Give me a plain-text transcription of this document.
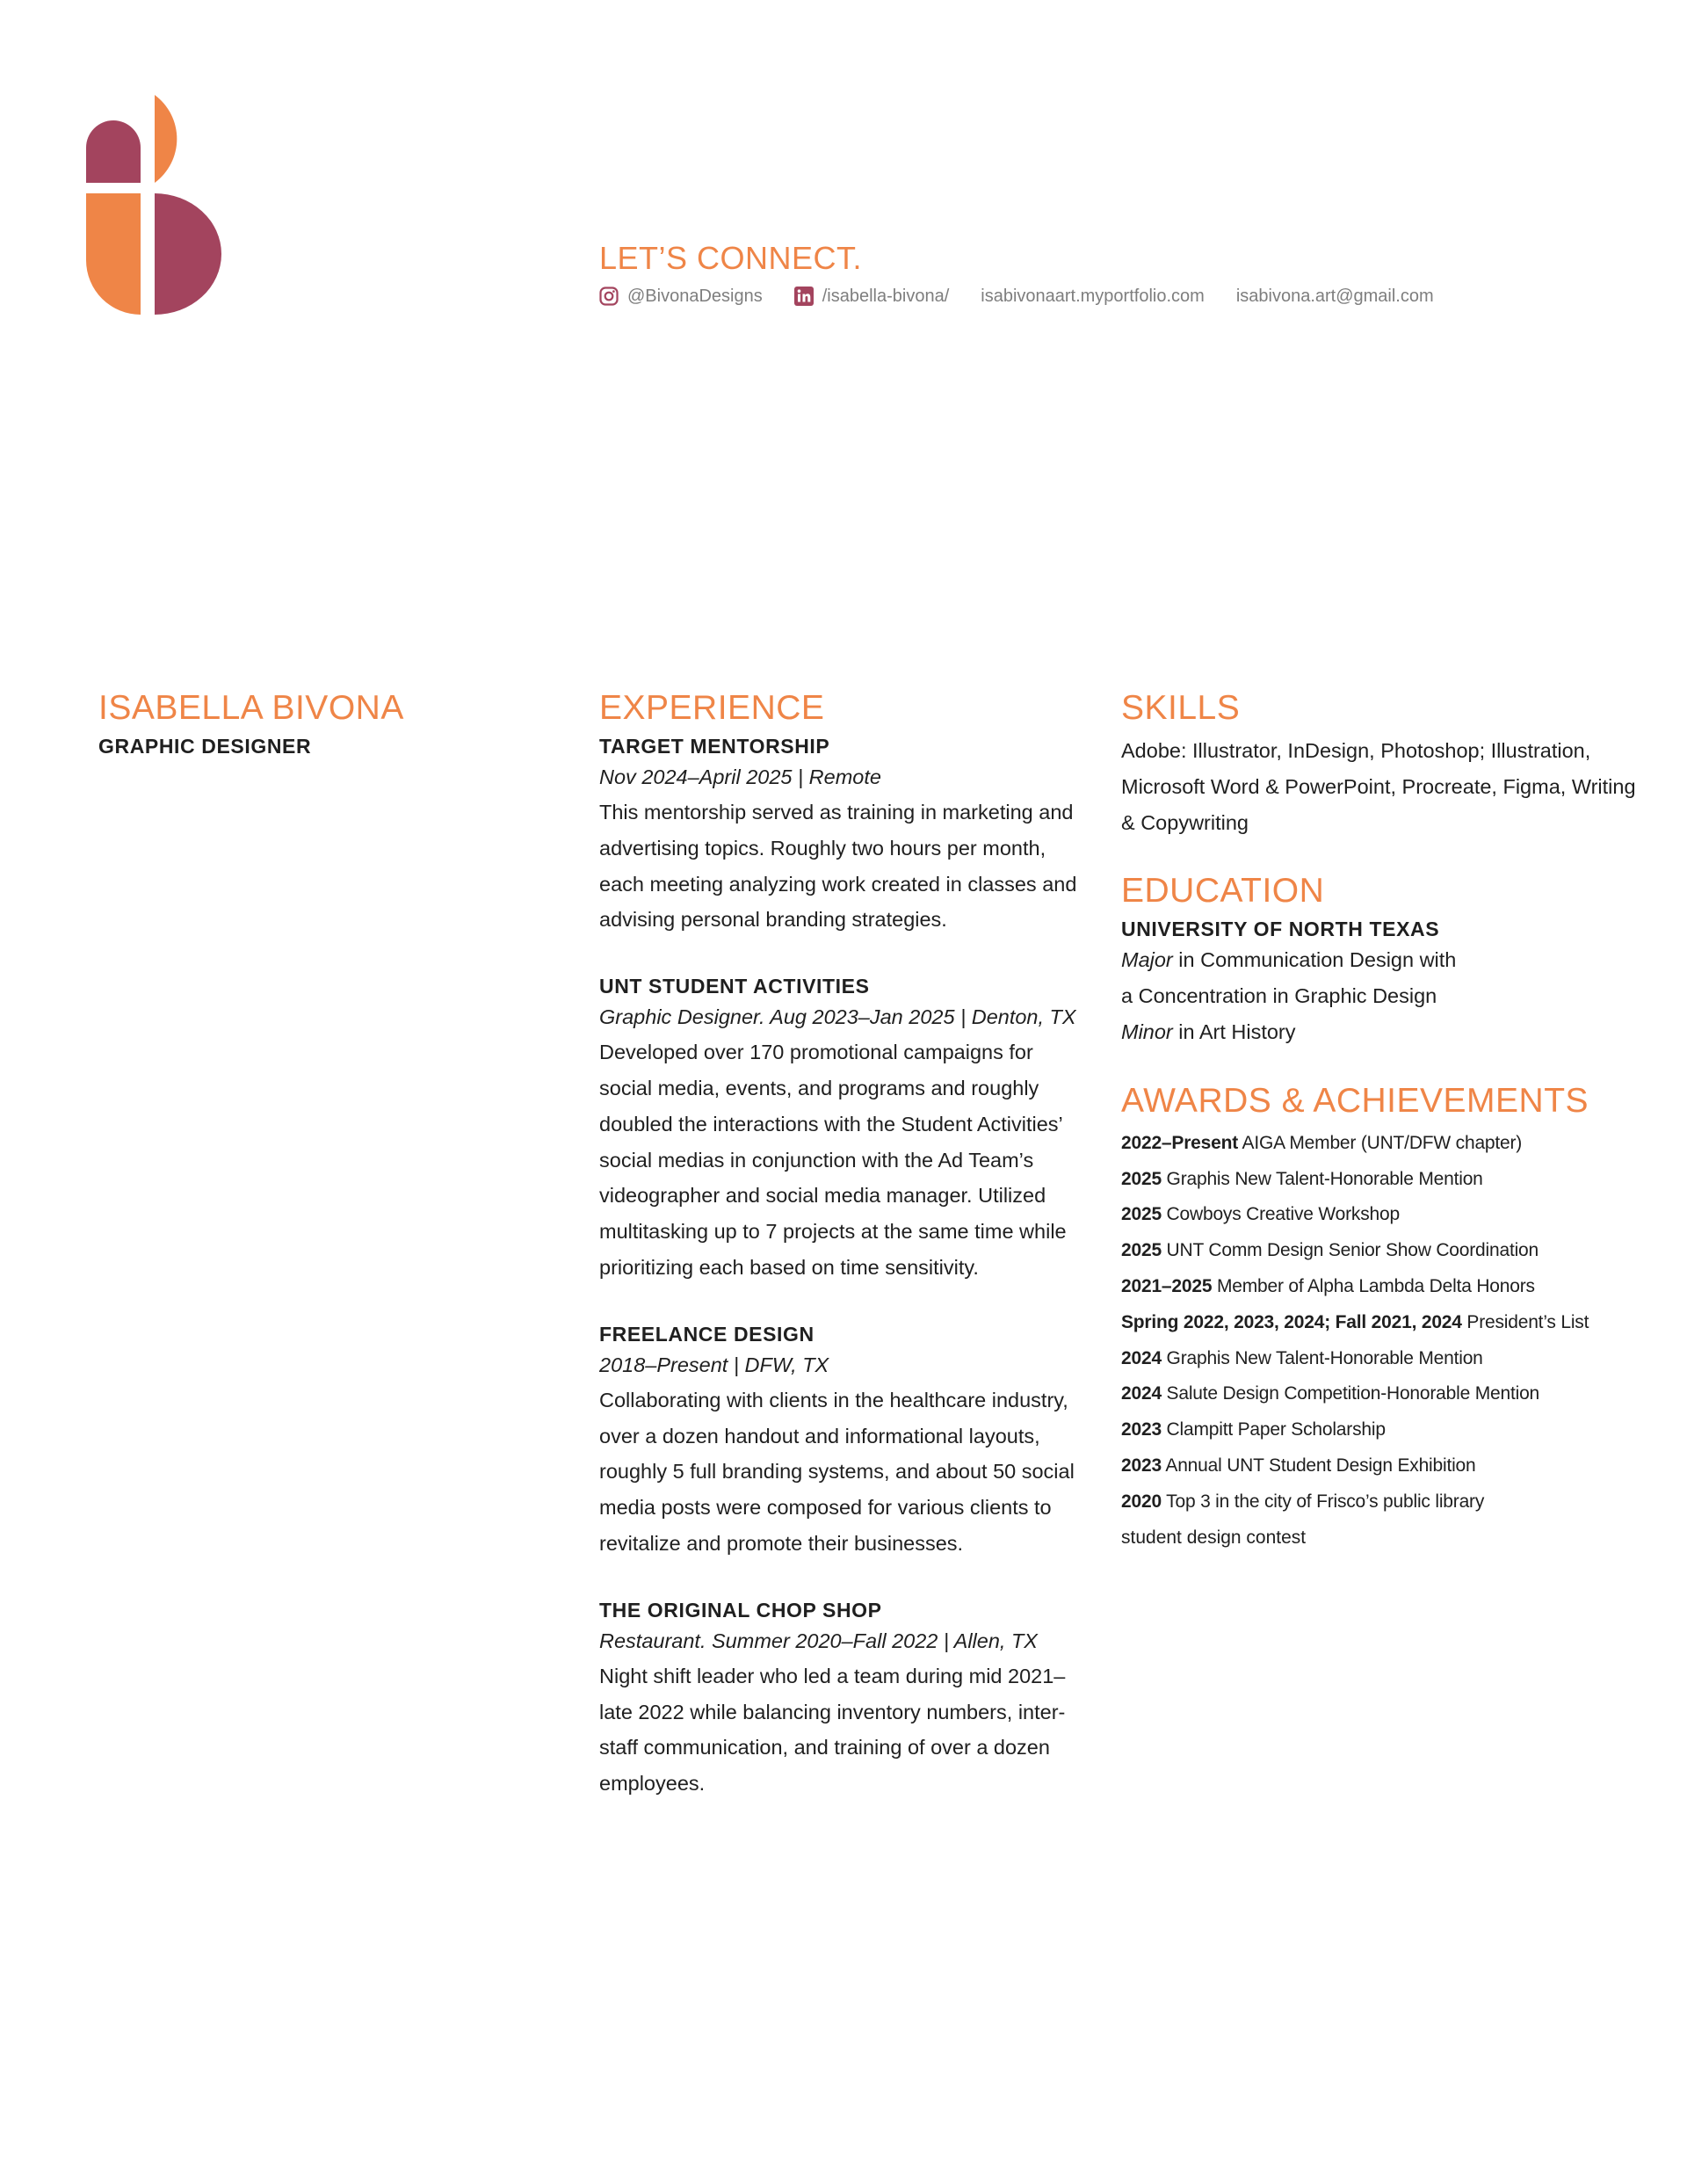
LET’S CONNECT.
@BivonaDesigns	/isabella-bivona/ isabivonaart.myportfolio.com isabivona.art@gmail.com
ISABELLA BIVONA
GRAPHIC DESIGNER
EXPERIENCE
TARGET MENTORSHIP
Nov 2024–April 2025 | Remote
This mentorship served as training in marketing and advertising topics. Roughly two hours per month, each meeting analyzing work created in classes and advising personal branding strategies.
UNT STUDENT ACTIVITIES
Graphic Designer. Aug 2023–Jan 2025 | Denton, TX
Developed over 170 promotional campaigns for social media, events, and programs and roughly doubled the interactions with the Student Activities’ social medias in conjunction with the Ad Team’s videographer and social media manager. Utilized multitasking up to 7 projects at the same time while prioritizing each based on time sensitivity.
FREELANCE DESIGN
2018–Present | DFW, TX
Collaborating with clients in the healthcare industry, over a dozen handout and informational layouts, roughly 5 full branding systems, and about 50 social media posts were composed for various clients to revitalize and promote their businesses.
THE ORIGINAL CHOP SHOP
Restaurant. Summer 2020–Fall 2022 | Allen, TX
Night shift leader who led a team during mid 2021–late 2022 while balancing inventory numbers, inter-staff communication, and training of over a dozen employees.
SKILLS
Adobe: Illustrator, InDesign, Photoshop; Illustration, Microsoft Word & PowerPoint, Procreate, Figma, Writing & Copywriting
EDUCATION
UNIVERSITY OF NORTH TEXAS
Major in Communication Design with
a Concentration in Graphic Design
Minor in Art History
AWARDS & ACHIEVEMENTS
2022–Present AIGA Member (UNT/DFW chapter)
2025 Graphis New Talent-Honorable Mention
2025 Cowboys Creative Workshop
2025 UNT Comm Design Senior Show Coordination
2021–2025 Member of Alpha Lambda Delta Honors
Spring 2022, 2023, 2024; Fall 2021, 2024 President’s List
2024 Graphis New Talent-Honorable Mention
2024 Salute Design Competition-Honorable Mention
2023 Clampitt Paper Scholarship
2023 Annual UNT Student Design Exhibition
2020 Top 3 in the city of Frisco’s public library
student design contest
